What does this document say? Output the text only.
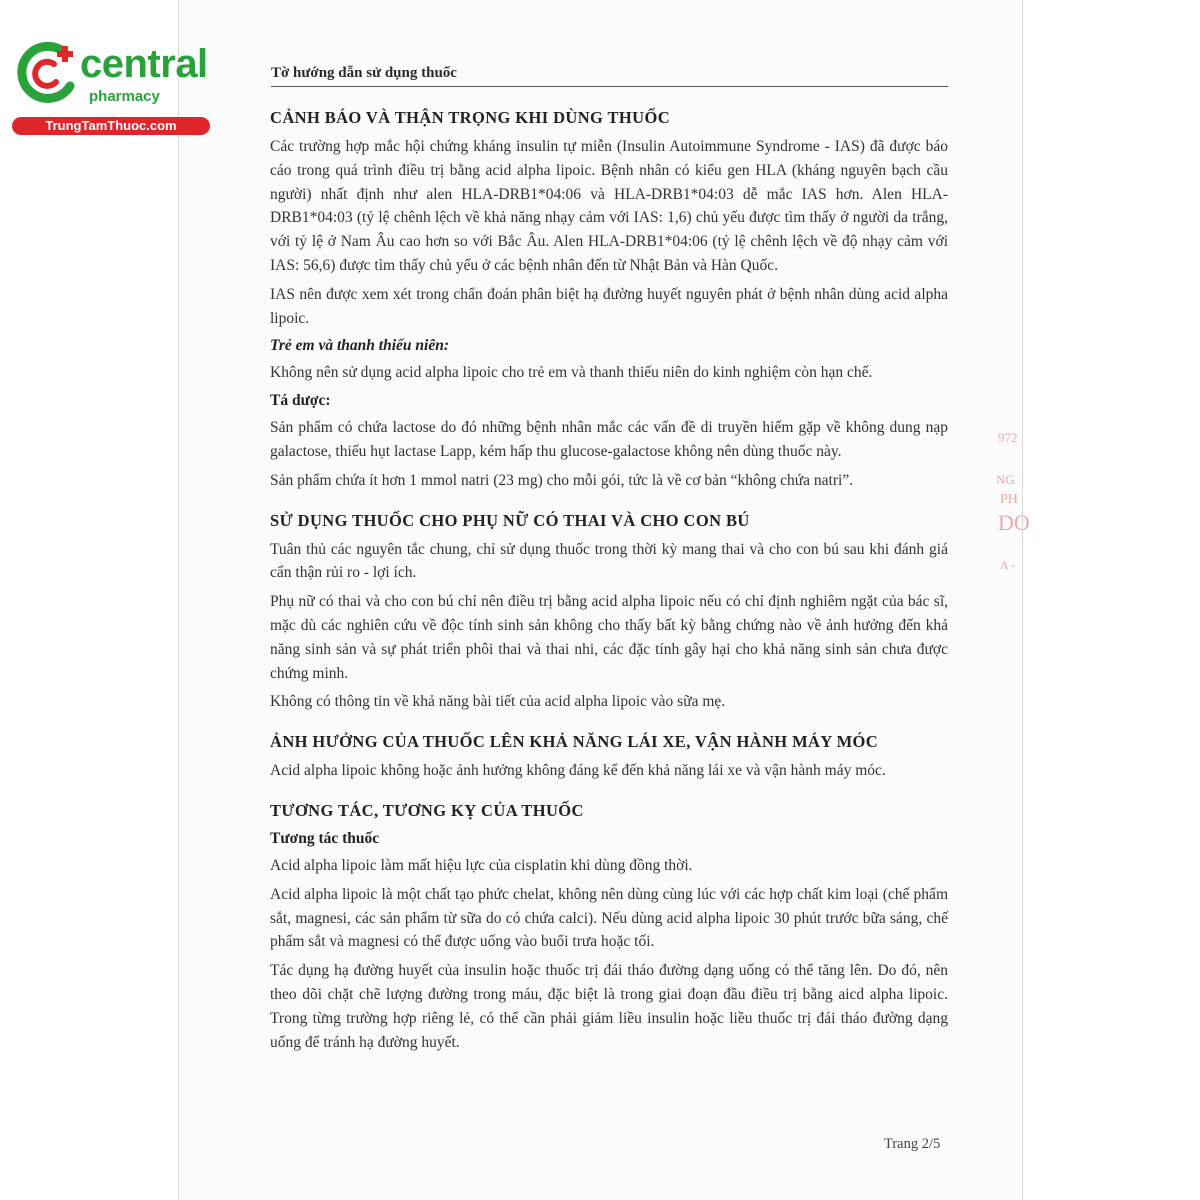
central
pharmacy
TrungTamThuoc.com
Tờ hướng dẫn sử dụng thuốc
CẢNH BÁO VÀ THẬN TRỌNG KHI DÙNG THUỐC

Các trường hợp mắc hội chứng kháng insulin tự miễn (Insulin Autoimmune Syndrome - IAS) đã được báo cáo trong quá trình điều trị bằng acid alpha lipoic. Bệnh nhân có kiểu gen HLA (kháng nguyên bạch cầu người) nhất định như alen HLA-DRB1*04:06 và HLA-DRB1*04:03 dễ mắc IAS hơn. Alen HLA-DRB1*04:03 (tỷ lệ chênh lệch về khả năng nhạy cảm với IAS: 1,6) chủ yếu được tìm thấy ở người da trắng, với tỷ lệ ở Nam Âu cao hơn so với Bắc Âu. Alen HLA-DRB1*04:06 (tỷ lệ chênh lệch về độ nhạy cảm với IAS: 56,6) được tìm thấy chủ yếu ở các bệnh nhân đến từ Nhật Bản và Hàn Quốc.

IAS nên được xem xét trong chẩn đoán phân biệt hạ đường huyết nguyên phát ở bệnh nhân dùng acid alpha lipoic.

Trẻ em và thanh thiếu niên:

Không nên sử dụng acid alpha lipoic cho trẻ em và thanh thiếu niên do kinh nghiệm còn hạn chế.

Tá dược:

Sản phẩm có chứa lactose do đó những bệnh nhân mắc các vấn đề di truyền hiếm gặp về không dung nạp galactose, thiếu hụt lactase Lapp, kém hấp thu glucose-galactose không nên dùng thuốc này.

Sản phẩm chứa ít hơn 1 mmol natri (23 mg) cho mỗi gói, tức là về cơ bản “không chứa natri”.

SỬ DỤNG THUỐC CHO PHỤ NỮ CÓ THAI VÀ CHO CON BÚ

Tuân thủ các nguyên tắc chung, chỉ sử dụng thuốc trong thời kỳ mang thai và cho con bú sau khi đánh giá cẩn thận rủi ro - lợi ích.

Phụ nữ có thai và cho con bú chỉ nên điều trị bằng acid alpha lipoic nếu có chỉ định nghiêm ngặt của bác sĩ, mặc dù các nghiên cứu về độc tính sinh sản không cho thấy bất kỳ bằng chứng nào về ảnh hưởng đến khả năng sinh sản và sự phát triển phôi thai và thai nhi, các đặc tính gây hại cho khả năng sinh sản chưa được chứng minh.

Không có thông tin về khả năng bài tiết của acid alpha lipoic vào sữa mẹ.

ẢNH HƯỞNG CỦA THUỐC LÊN KHẢ NĂNG LÁI XE, VẬN HÀNH MÁY MÓC

Acid alpha lipoic không hoặc ảnh hưởng không đáng kể đến khả năng lái xe và vận hành máy móc.

TƯƠNG TÁC, TƯƠNG KỴ CỦA THUỐC
Tương tác thuốc

Acid alpha lipoic làm mất hiệu lực của cisplatin khi dùng đồng thời.

Acid alpha lipoic là một chất tạo phức chelat, không nên dùng cùng lúc với các hợp chất kim loại (chế phẩm sắt, magnesi, các sản phẩm từ sữa do có chứa calci). Nếu dùng acid alpha lipoic 30 phút trước bữa sáng, chế phẩm sắt và magnesi có thể được uống vào buổi trưa hoặc tối.

Tác dụng hạ đường huyết của insulin hoặc thuốc trị đái tháo đường dạng uống có thể tăng lên. Do đó, nên theo dõi chặt chẽ lượng đường trong máu, đặc biệt là trong giai đoạn đầu điều trị bằng aicd alpha lipoic. Trong từng trường hợp riêng lẻ, có thể cần phải giảm liều insulin hoặc liều thuốc trị đái tháo đường dạng uống để tránh hạ đường huyết.

972
NG
PH
DO
A -
Trang 2/5
